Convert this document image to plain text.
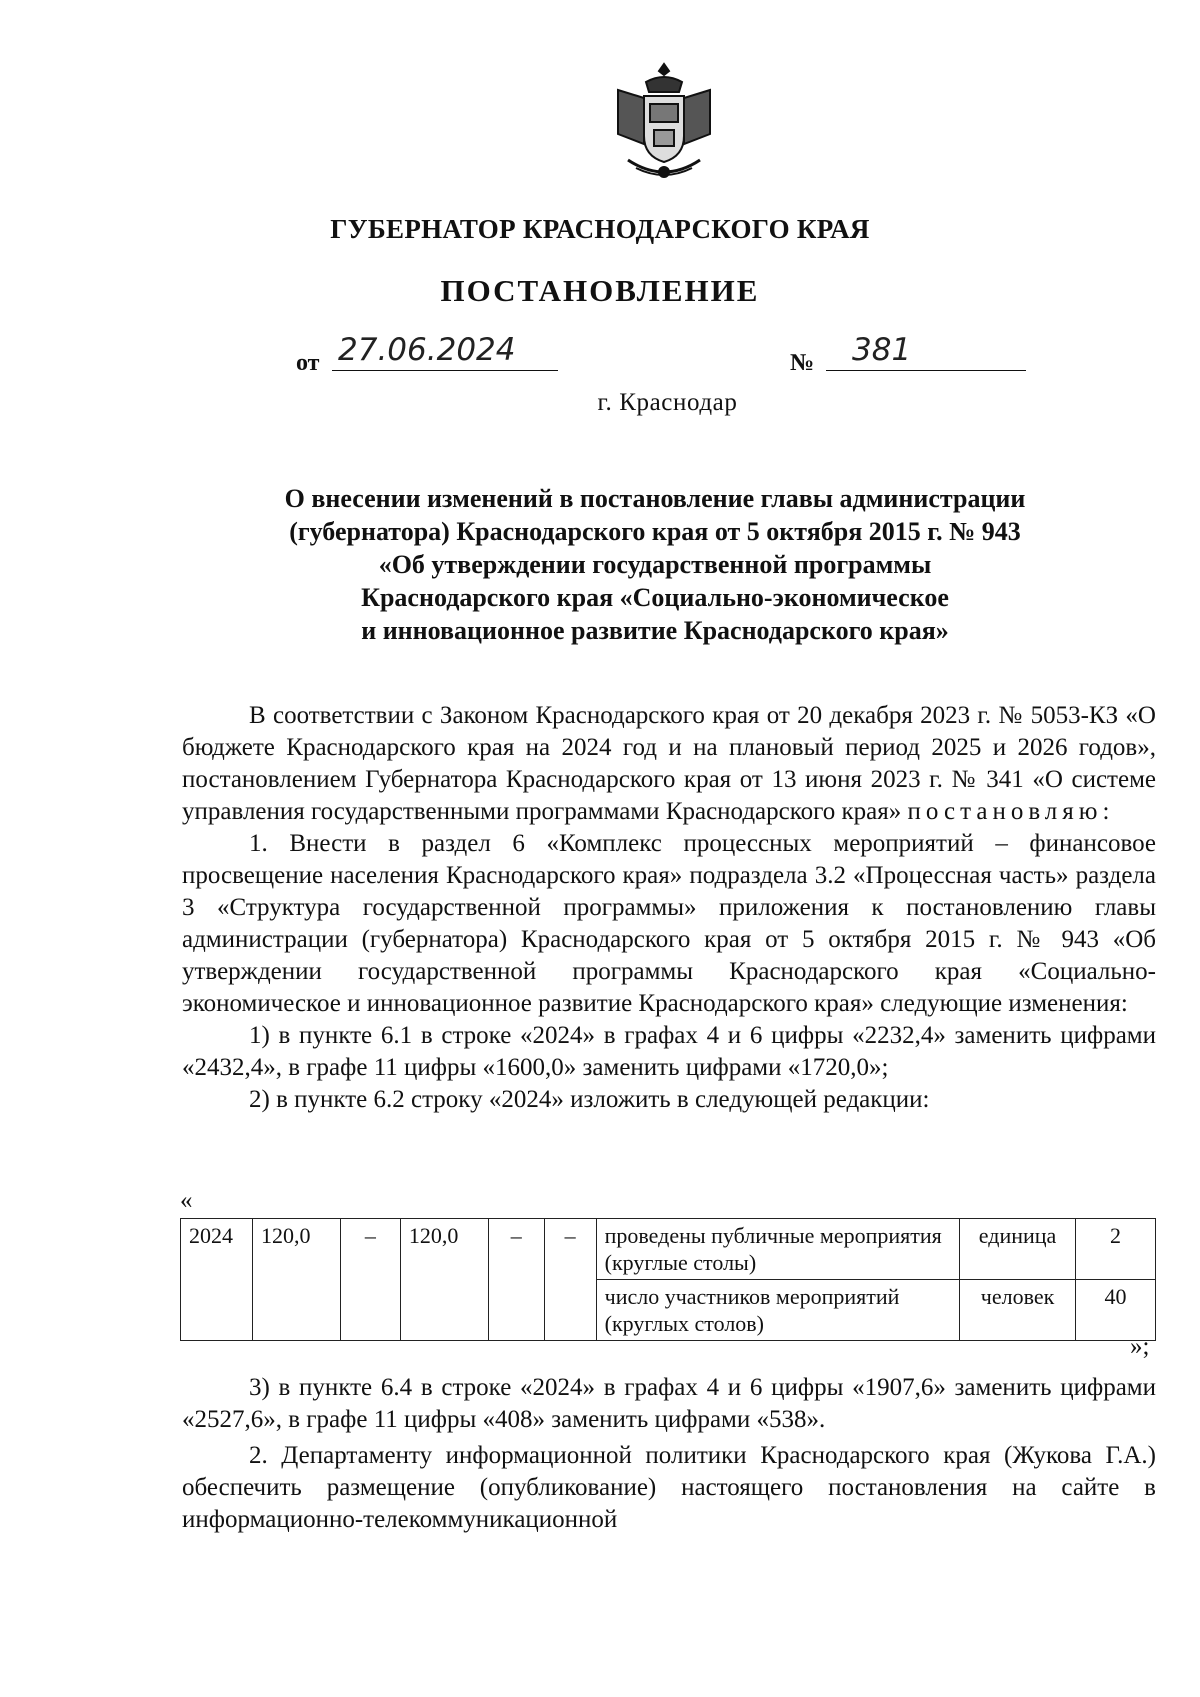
ГУБЕРНАТОР КРАСНОДАРСКОГО КРАЯ
ПОСТАНОВЛЕНИЕ
от 27.06.2024	№	381
г. Краснодар
О внесении изменений в постановление главы администрации
(губернатора) Краснодарского края от 5 октября 2015 г. № 943
«Об утверждении государственной программы
Краснодарского края «Социально-экономическое
и инновационное развитие Краснодарского края»

В соответствии с Законом Краснодарского края от 20 декабря 2023 г. № 5053-КЗ «О бюджете Краснодарского края на 2024 год и на плановый период 2025 и 2026 годов», постановлением Губернатора Краснодарского края от 13 июня 2023 г. № 341 «О системе управления государственными программами Краснодарского края» постановляю:

1. Внести в раздел 6 «Комплекс процессных мероприятий – финансовое просвещение населения Краснодарского края» подраздела 3.2 «Процессная часть» раздела 3 «Структура государственной программы» приложения к постановлению главы администрации (губернатора) Краснодарского края от 5 октября 2015 г. № 943 «Об утверждении государственной программы Краснодарского края «Социально-экономическое и инновационное развитие Краснодарского края» следующие изменения:

1) в пункте 6.1 в строке «2024» в графах 4 и 6 цифры «2232,4» заменить цифрами «2432,4», в графе 11 цифры «1600,0» заменить цифрами «1720,0»;

2) в пункте 6.2 строку «2024» изложить в следующей редакции:

«
2024	120,0	–	120,0	–	–	проведены публичные мероприятия (круглые столы)	единица	2
						число участников мероприятий (круглых столов)	человек	40
»;

3) в пункте 6.4 в строке «2024» в графах 4 и 6 цифры «1907,6» заменить цифрами «2527,6», в графе 11 цифры «408» заменить цифрами «538».

2. Департаменту информационной политики Краснодарского края (Жукова Г.А.) обеспечить размещение (опубликование) настоящего постановления на сайте в информационно-телекоммуникационной
